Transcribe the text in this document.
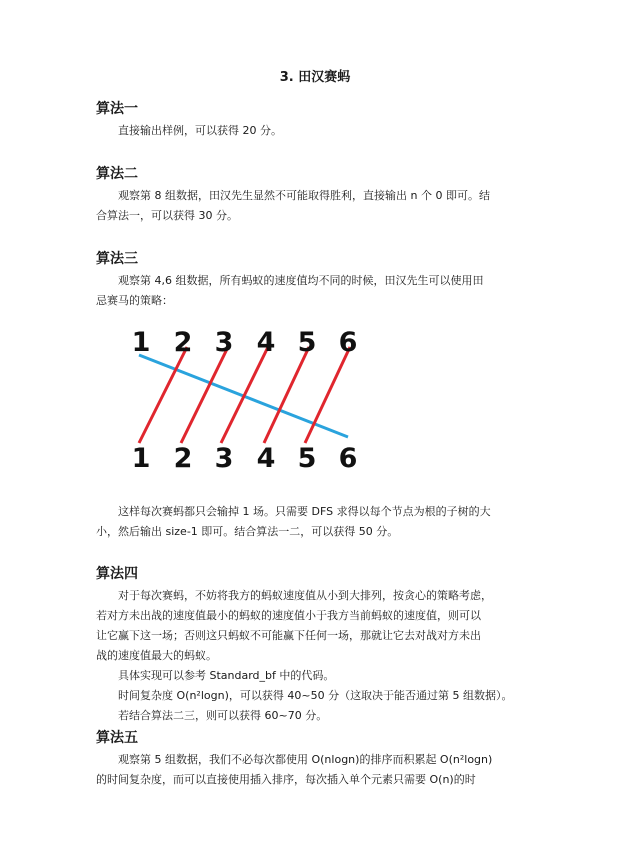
3. 田汉赛蚂
算法一
直接输出样例，可以获得 20 分。
算法二
观察第 8 组数据，田汉先生显然不可能取得胜利，直接输出 n 个 0 即可。结
合算法一，可以获得 30 分。
算法三
观察第 4,6 组数据，所有蚂蚁的速度值均不同的时候，田汉先生可以使用田
忌赛马的策略：
1 2 3 4 5 6
1 2 3 4 5 6
这样每次赛蚂都只会输掉 1 场。只需要 DFS 求得以每个节点为根的子树的大
小，然后输出 size-1 即可。结合算法一二，可以获得 50 分。
算法四
对于每次赛蚂，不妨将我方的蚂蚁速度值从小到大排列，按贪心的策略考虑，
若对方未出战的速度值最小的蚂蚁的速度值小于我方当前蚂蚁的速度值，则可以
让它赢下这一场；否则这只蚂蚁不可能赢下任何一场，那就让它去对战对方未出
战的速度值最大的蚂蚁。
具体实现可以参考 Standard_bf 中的代码。
时间复杂度 O(n²logn)，可以获得 40~50 分（这取决于能否通过第 5 组数据）。
若结合算法二三，则可以获得 60~70 分。
算法五
观察第 5 组数据，我们不必每次都使用 O(nlogn)的排序而积累起 O(n²logn)
的时间复杂度，而可以直接使用插入排序，每次插入单个元素只需要 O(n)的时
